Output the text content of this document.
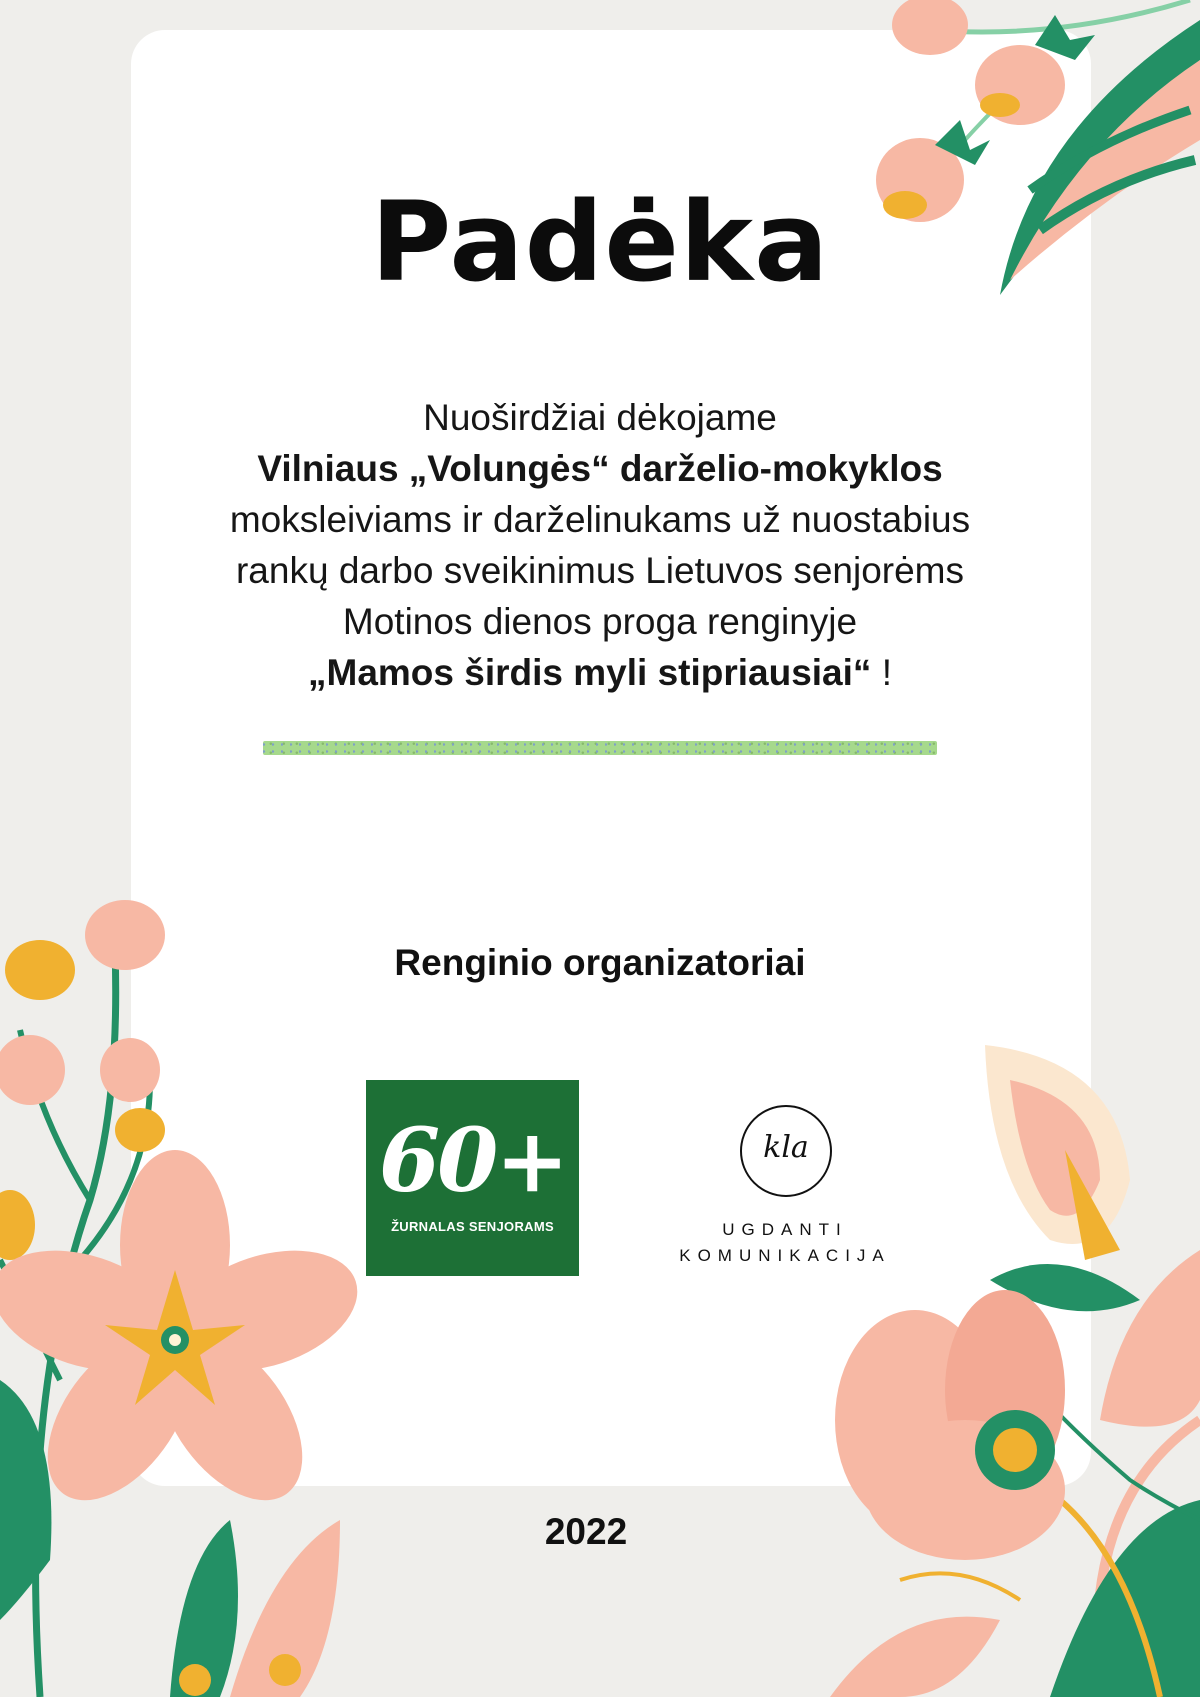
Padėka
Nuoširdžiai dėkojame
Vilniaus „Volungės“ darželio-mokyklos
moksleiviams ir darželinukams už nuostabius
rankų darbo sveikinimus Lietuvos senjorėms
Motinos dienos proga renginyje
„Mamos širdis myli stipriausiai“ !
Renginio organizatoriai
60+
ŽURNALAS SENJORAMS
kla
UGDANTI
KOMUNIKACIJA
2022
